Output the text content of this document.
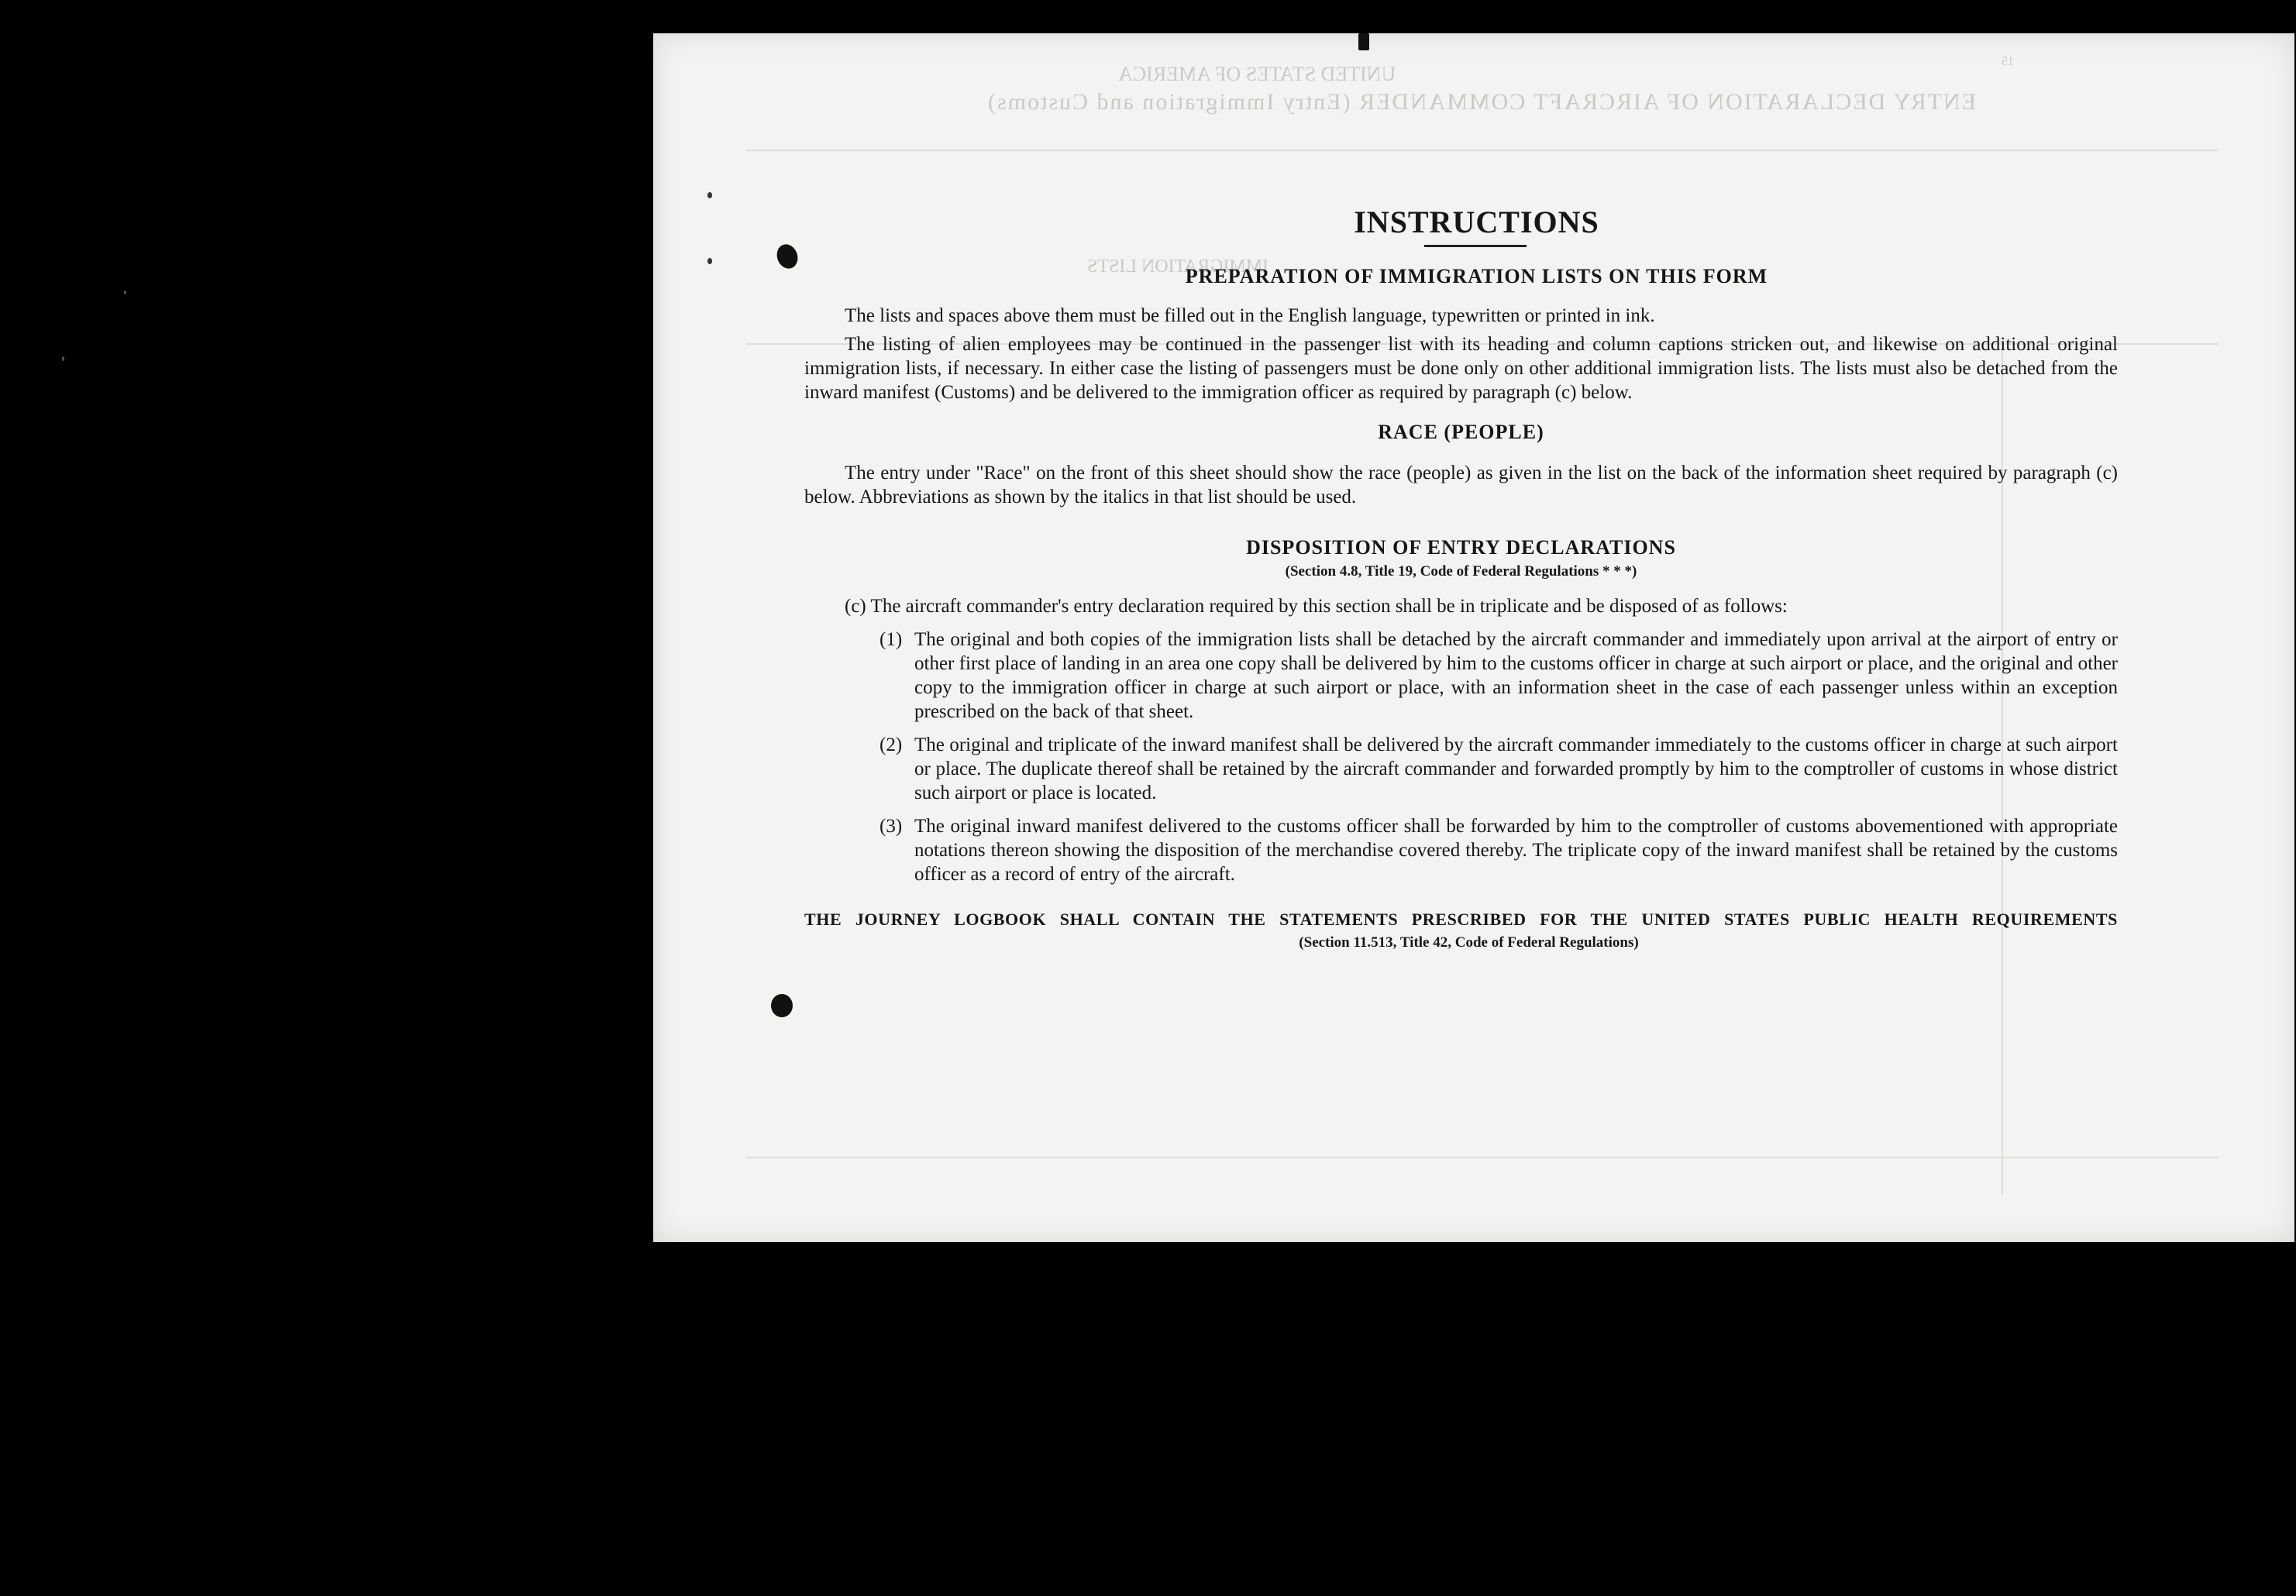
UNITED STATES OF AMERICA
ENTRY DECLARATION OF AIRCRAFT COMMANDER (Entry Immigration and Customs)
IMMIGRATION LISTS
15
INSTRUCTIONS
PREPARATION OF IMMIGRATION LISTS ON THIS FORM

The lists and spaces above them must be filled out in the English language, typewritten or printed in ink.

The listing of alien employees may be continued in the passenger list with its heading and column captions stricken out, and likewise on additional original immigration lists, if necessary. In either case the listing of passengers must be done only on other additional immigration lists. The lists must also be detached from the inward manifest (Customs) and be delivered to the immigration officer as required by paragraph (c) below.

RACE (PEOPLE)

The entry under "Race" on the front of this sheet should show the race (people) as given in the list on the back of the information sheet required by paragraph (c) below. Abbreviations as shown by the italics in that list should be used.

DISPOSITION OF ENTRY DECLARATIONS
(Section 4.8, Title 19, Code of Federal Regulations * * *)

(c) The aircraft commander's entry declaration required by this section shall be in triplicate and be disposed of as follows:

(1) The original and both copies of the immigration lists shall be detached by the aircraft commander and immediately upon arrival at the airport of entry or other first place of landing in an area one copy shall be delivered by him to the customs officer in charge at such airport or place, and the original and other copy to the immigration officer in charge at such airport or place, with an information sheet in the case of each passenger unless within an exception prescribed on the back of that sheet.
(2) The original and triplicate of the inward manifest shall be delivered by the aircraft commander immediately to the customs officer in charge at such airport or place. The duplicate thereof shall be retained by the aircraft commander and forwarded promptly by him to the comptroller of customs in whose district such airport or place is located.
(3) The original inward manifest delivered to the customs officer shall be forwarded by him to the comptroller of customs abovementioned with appropriate notations thereon showing the disposition of the merchandise covered thereby. The triplicate copy of the inward manifest shall be retained by the customs officer as a record of entry of the aircraft.
THE JOURNEY LOGBOOK SHALL CONTAIN THE STATEMENTS PRESCRIBED FOR THE UNITED STATES PUBLIC HEALTH REQUIREMENTS
(Section 11.513, Title 42, Code of Federal Regulations)
